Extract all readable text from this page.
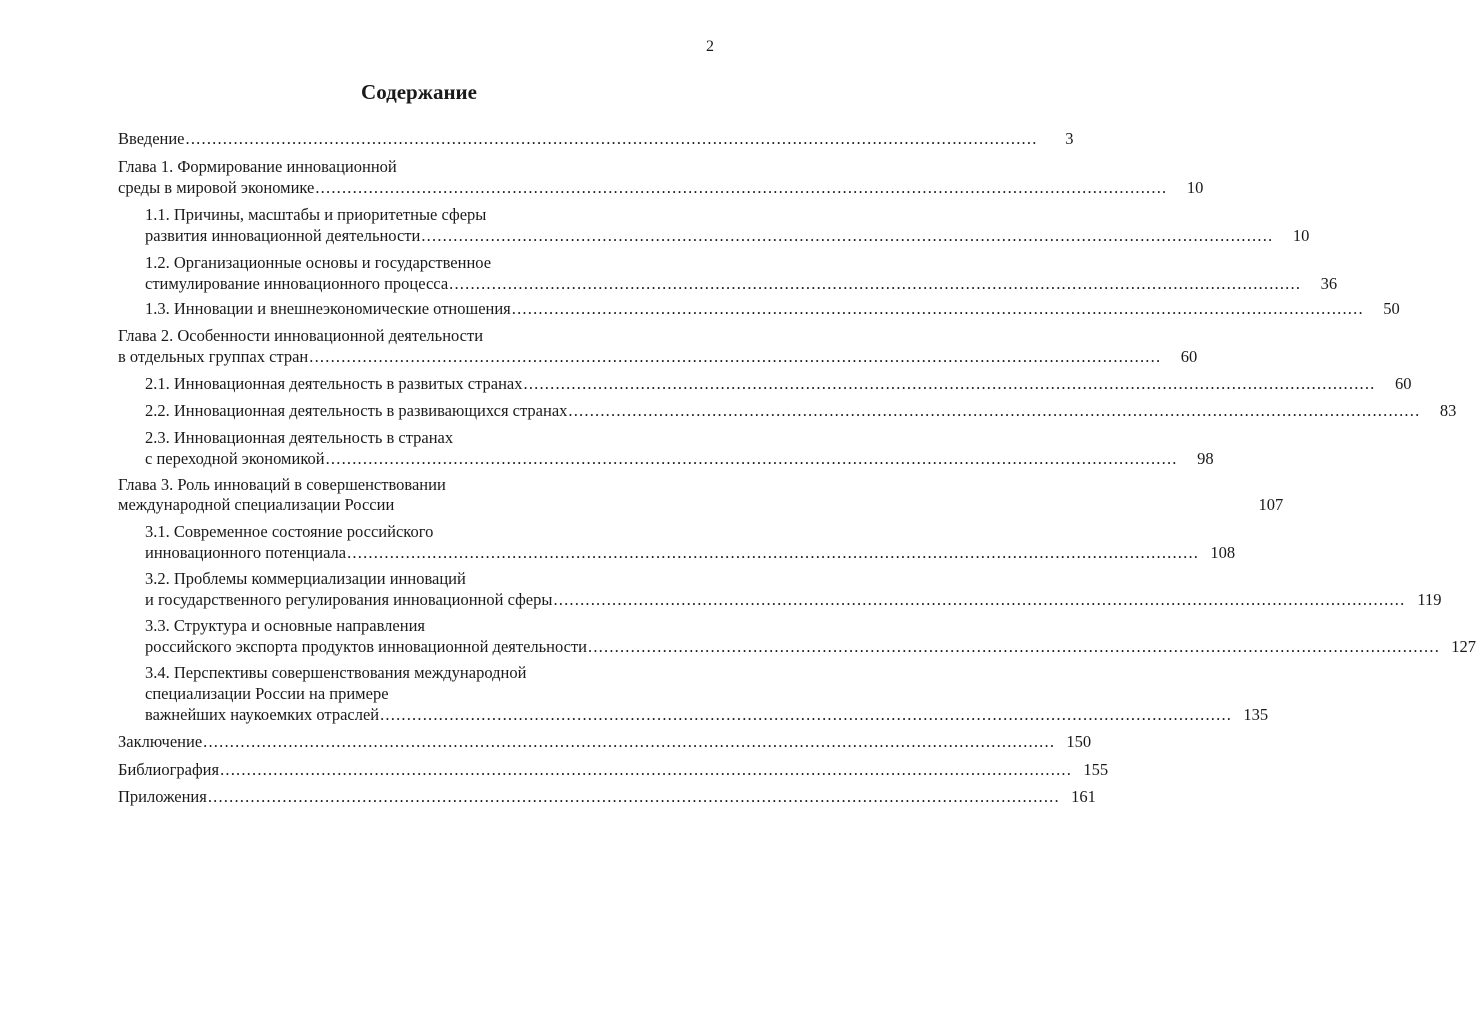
2
Содержание
Введение ................................................................................................................................................................	3
Глава 1. Формирование инновационной
среды в мировой экономике ................................................................................................................................................................	10
1.1. Причины, масштабы и приоритетные сферы
развития инновационной деятельности ................................................................................................................................................................	10
1.2. Организационные основы и государственное
стимулирование инновационного процесса ................................................................................................................................................................	36
1.3. Инновации и внешнеэкономические отношения ................................................................................................................................................................	50
Глава 2. Особенности инновационной деятельности
в отдельных группах стран ................................................................................................................................................................	60
2.1. Инновационная деятельность в развитых странах ................................................................................................................................................................	60
2.2. Инновационная деятельность в развивающихся странах ................................................................................................................................................................	83
2.3. Инновационная деятельность в странах
с переходной экономикой ................................................................................................................................................................	98
Глава 3. Роль инноваций в совершенствовании
международной специализации России	107
3.1. Современное состояние российского
инновационного потенциала ................................................................................................................................................................ 108
3.2. Проблемы коммерциализации инноваций
и государственного регулирования инновационной сферы ................................................................................................................................................................ 119
3.3. Структура и основные направления
российского экспорта продуктов инновационной деятельности ................................................................................................................................................................ 127
3.4. Перспективы совершенствования международной
специализации России на примере
важнейших наукоемких отраслей ................................................................................................................................................................ 135
Заключение ................................................................................................................................................................ 150
Библиография ................................................................................................................................................................ 155
Приложения ................................................................................................................................................................ 161
